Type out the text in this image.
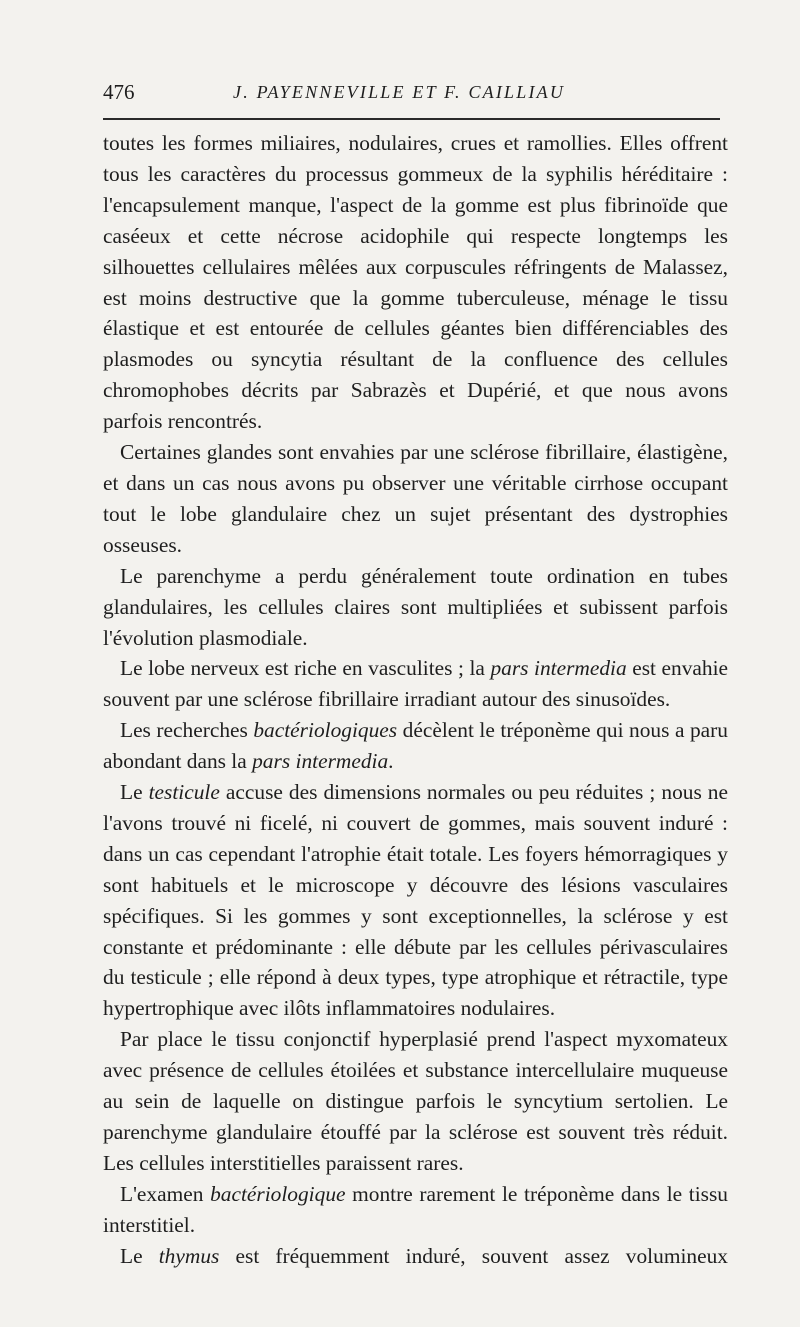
476	J. PAYENNEVILLE ET F. CAILLIAU

toutes les formes miliaires, nodulaires, crues et ramollies. Elles offrent tous les caractères du processus gommeux de la syphilis héréditaire : l'encapsulement manque, l'aspect de la gomme est plus fibrinoïde que caséeux et cette nécrose acidophile qui respecte longtemps les silhouettes cellulaires mêlées aux corpuscules réfringents de Malassez, est moins destructive que la gomme tuberculeuse, ménage le tissu élastique et est entourée de cellules géantes bien différenciables des plasmodes ou syncytia résultant de la confluence des cellules chromophobes décrits par Sabrazès et Dupérié, et que nous avons parfois rencontrés.

Certaines glandes sont envahies par une sclérose fibrillaire, élastigène, et dans un cas nous avons pu observer une véritable cirrhose occupant tout le lobe glandulaire chez un sujet présentant des dystrophies osseuses.

Le parenchyme a perdu généralement toute ordination en tubes glandulaires, les cellules claires sont multipliées et subissent parfois l'évolution plasmodiale.

Le lobe nerveux est riche en vasculites ; la pars intermedia est envahie souvent par une sclérose fibrillaire irradiant autour des sinusoïdes.

Les recherches bactériologiques décèlent le tréponème qui nous a paru abondant dans la pars intermedia.

Le testicule accuse des dimensions normales ou peu réduites ; nous ne l'avons trouvé ni ficelé, ni couvert de gommes, mais souvent induré : dans un cas cependant l'atrophie était totale. Les foyers hémorragiques y sont habituels et le microscope y découvre des lésions vasculaires spécifiques. Si les gommes y sont exceptionnelles, la sclérose y est constante et prédominante : elle débute par les cellules périvasculaires du testicule ; elle répond à deux types, type atrophique et rétractile, type hypertrophique avec ilôts inflammatoires nodulaires.

Par place le tissu conjonctif hyperplasié prend l'aspect myxomateux avec présence de cellules étoilées et substance intercellulaire muqueuse au sein de laquelle on distingue parfois le syncytium sertolien. Le parenchyme glandulaire étouffé par la sclérose est souvent très réduit. Les cellules interstitielles paraissent rares.

L'examen bactériologique montre rarement le tréponème dans le tissu interstitiel.

Le thymus est fréquemment induré, souvent assez volumineux
